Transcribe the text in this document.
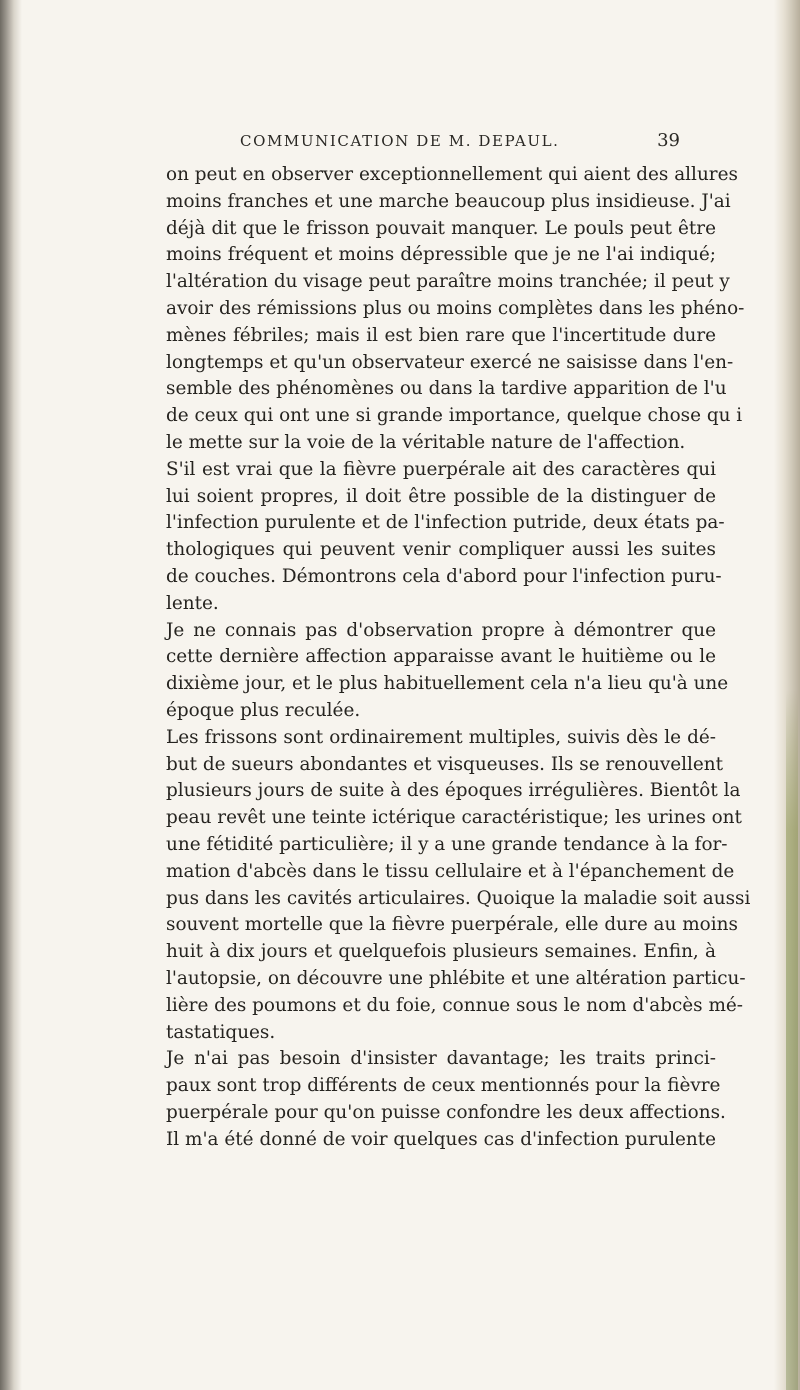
COMMUNICATION DE M. DEPAUL.	39
on peut en observer exceptionnellement qui aient des allures
moins franches et une marche beaucoup plus insidieuse. J'ai
déjà dit que le frisson pouvait manquer. Le pouls peut être
moins fréquent et moins dépressible que je ne l'ai indiqué;
l'altération du visage peut paraître moins tranchée; il peut y
avoir des rémissions plus ou moins complètes dans les phéno-
mènes fébriles; mais il est bien rare que l'incertitude dure
longtemps et qu'un observateur exercé ne saisisse dans l'en-
semble des phénomènes ou dans la tardive apparition de l'u
de ceux qui ont une si grande importance, quelque chose qu i
le mette sur la voie de la véritable nature de l'affection.
S'il est vrai que la fièvre puerpérale ait des caractères qui
lui soient propres, il doit être possible de la distinguer de
l'infection purulente et de l'infection putride, deux états pa-
thologiques qui peuvent venir compliquer aussi les suites
de couches. Démontrons cela d'abord pour l'infection puru-
lente.
Je ne connais pas d'observation propre à démontrer que
cette dernière affection apparaisse avant le huitième ou le
dixième jour, et le plus habituellement cela n'a lieu qu'à une
époque plus reculée.
Les frissons sont ordinairement multiples, suivis dès le dé-
but de sueurs abondantes et visqueuses. Ils se renouvellent
plusieurs jours de suite à des époques irrégulières. Bientôt la
peau revêt une teinte ictérique caractéristique; les urines ont
une fétidité particulière; il y a une grande tendance à la for-
mation d'abcès dans le tissu cellulaire et à l'épanchement de
pus dans les cavités articulaires. Quoique la maladie soit aussi
souvent mortelle que la fièvre puerpérale, elle dure au moins
huit à dix jours et quelquefois plusieurs semaines. Enfin, à
l'autopsie, on découvre une phlébite et une altération particu-
lière des poumons et du foie, connue sous le nom d'abcès mé-
tastatiques.
Je n'ai pas besoin d'insister davantage; les traits princi-
paux sont trop différents de ceux mentionnés pour la fièvre
puerpérale pour qu'on puisse confondre les deux affections.
Il m'a été donné de voir quelques cas d'infection purulente
